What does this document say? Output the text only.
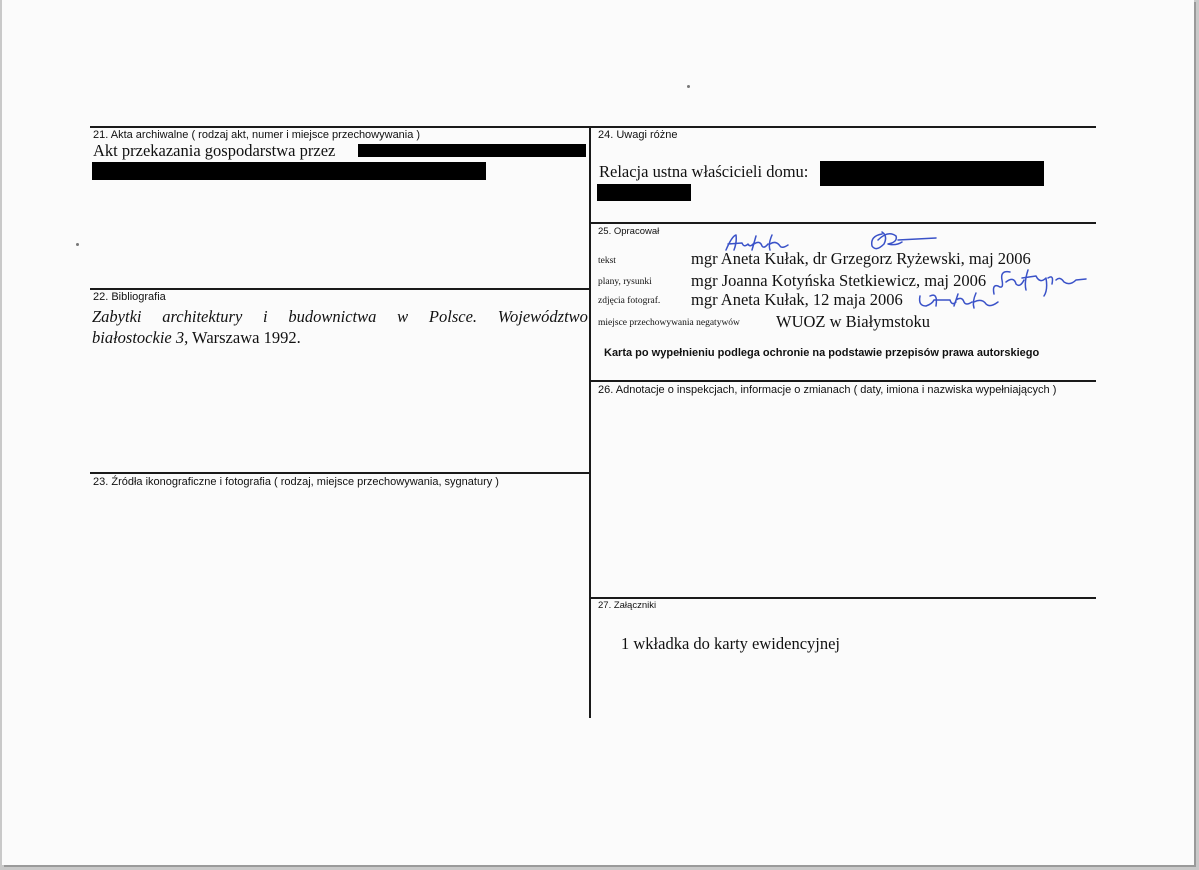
21. Akta archiwalne ( rodzaj akt, numer i miejsce przechowywania )
Akt przekazania gospodarstwa przez
22. Bibliografia
Zabytki architektury i budownictwa w Polsce. Województwo
białostockie 3, Warszawa 1992.
23. Źródła ikonograficzne i fotografia ( rodzaj, miejsce przechowywania, sygnatury )
24. Uwagi różne
Relacja ustna właścicieli domu:
25. Opracował
tekst	mgr Aneta Kułak, dr Grzegorz Ryżewski, maj 2006
plany, rysunki mgr Joanna Kotyńska Stetkiewicz, maj 2006
zdjęcia fotograf. mgr Aneta Kułak, 12 maja 2006
miejsce przechowywania negatywów WUOZ w Białymstoku
Karta po wypełnieniu podlega ochronie na podstawie przepisów prawa autorskiego
26. Adnotacje o inspekcjach, informacje o zmianach ( daty, imiona i nazwiska wypełniających )
27. Załączniki
1 wkładka do karty ewidencyjnej
